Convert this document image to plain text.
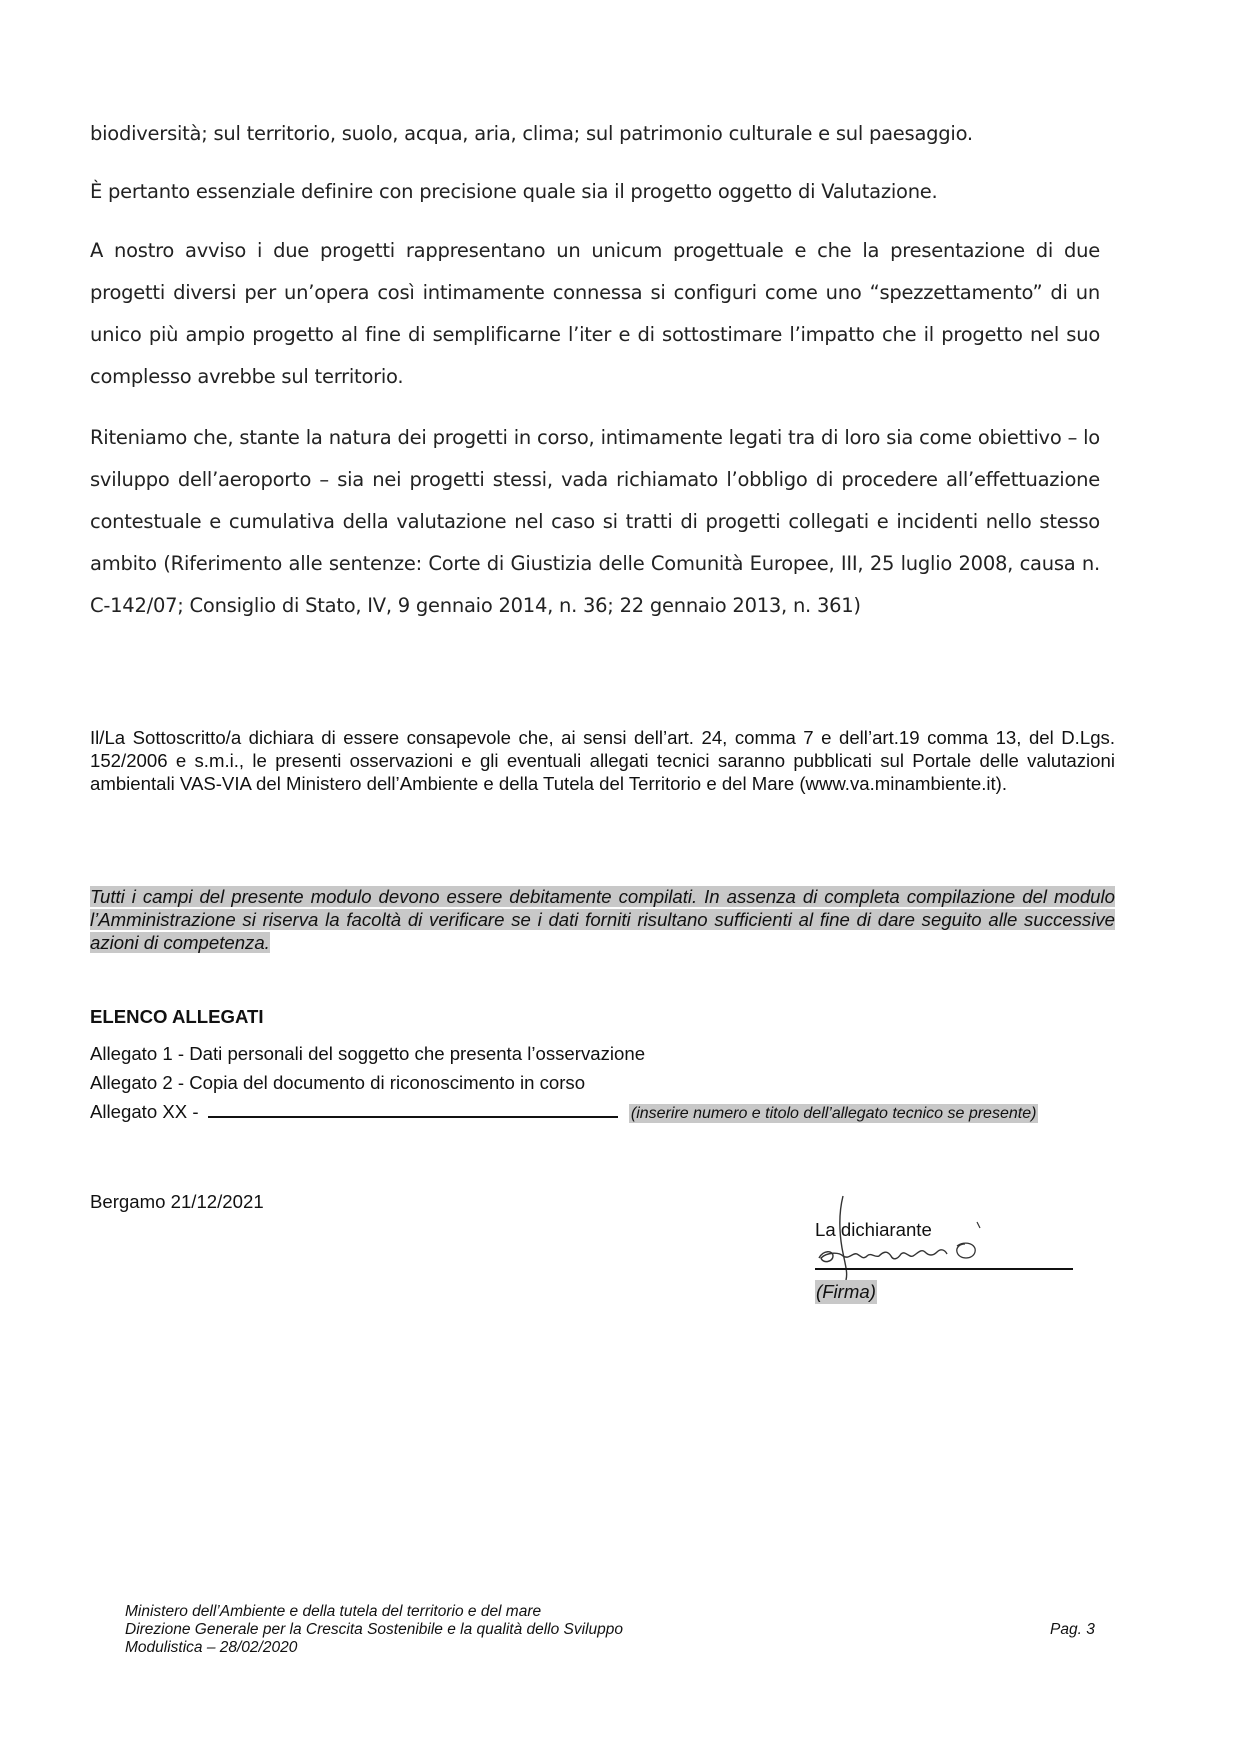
biodiversità; sul territorio, suolo, acqua, aria, clima; sul patrimonio culturale e sul paesaggio.

È pertanto essenziale definire con precisione quale sia il progetto oggetto di Valutazione.

A nostro avviso i due progetti rappresentano un unicum progettuale e che la presentazione di due progetti diversi per un’opera così intimamente connessa si configuri come uno “spezzettamento” di un unico più ampio progetto al fine di semplificarne l’iter e di sottostimare l’impatto che il progetto nel suo complesso avrebbe sul territorio.

Riteniamo che, stante la natura dei progetti in corso, intimamente legati tra di loro sia come obiettivo – lo sviluppo dell’aeroporto – sia nei progetti stessi, vada richiamato l’obbligo di procedere all’effettuazione contestuale e cumulativa della valutazione nel caso si tratti di progetti collegati e incidenti nello stesso ambito (Riferimento alle sentenze: Corte di Giustizia delle Comunità Europee, III, 25 luglio 2008, causa n. C-142/07; Consiglio di Stato, IV, 9 gennaio 2014, n. 36; 22 gennaio 2013, n. 361)

Il/La Sottoscritto/a dichiara di essere consapevole che, ai sensi dell’art. 24, comma 7 e dell’art.19 comma 13, del D.Lgs. 152/2006 e s.m.i., le presenti osservazioni e gli eventuali allegati tecnici saranno pubblicati sul Portale delle valutazioni ambientali VAS-VIA del Ministero dell’Ambiente e della Tutela del Territorio e del Mare (www.va.minambiente.it).

Tutti i campi del presente modulo devono essere debitamente compilati. In assenza di completa compilazione del modulo l’Amministrazione si riserva la facoltà di verificare se i dati forniti risultano sufficienti al fine di dare seguito alle successive azioni di competenza.

ELENCO ALLEGATI

Allegato 1 - Dati personali del soggetto che presenta l’osservazione

Allegato 2 - Copia del documento di riconoscimento in corso

Allegato XX -	(inserire numero e titolo dell’allegato tecnico se presente)

Bergamo 21/12/2021

La dichiarante

(Firma)

Ministero dell’Ambiente e della tutela del territorio e del mare
Direzione Generale per la Crescita Sostenibile e la qualità dello Sviluppo
Modulistica – 28/02/2020

Pag. 3
